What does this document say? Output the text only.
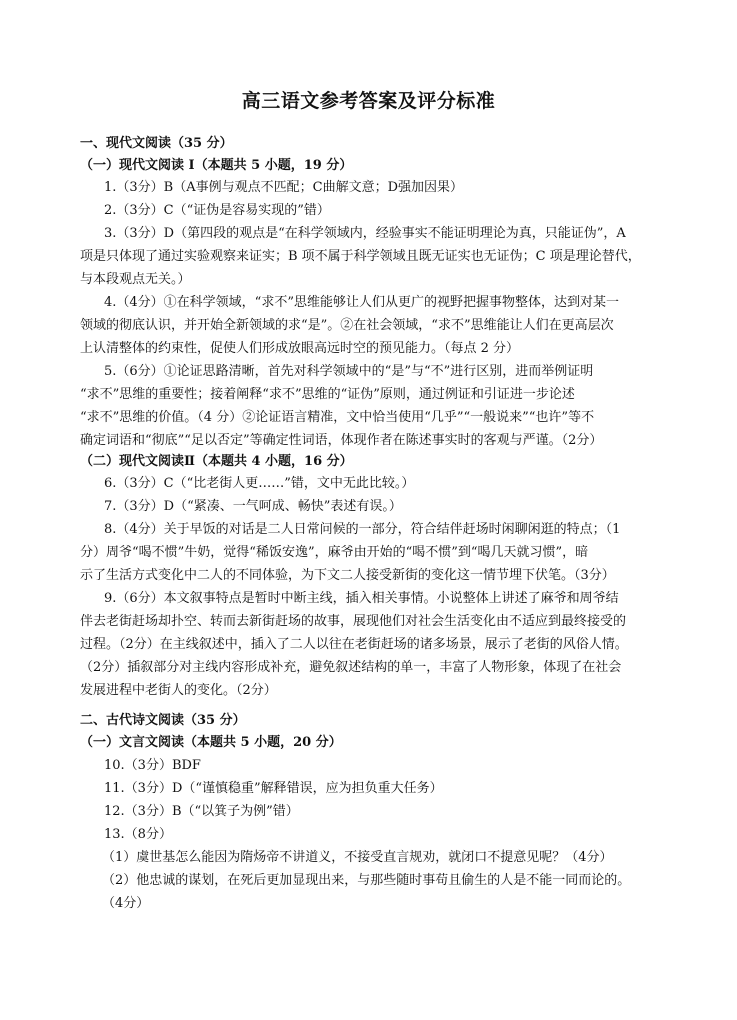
高三语文参考答案及评分标准
一、现代文阅读（35 分）
（一）现代文阅读 I（本题共 5 小题，19 分）
1.（3分）B（A事例与观点不匹配；C曲解文意；D强加因果）
2.（3分）C（“证伪是容易实现的”错）
3.（3分）D（第四段的观点是“在科学领域内，经验事实不能证明理论为真，只能证伪”，A
项是只体现了通过实验观察来证实；B 项不属于科学领域且既无证实也无证伪；C 项是理论替代，
与本段观点无关。）
4.（4分）①在科学领域，“求不”思维能够让人们从更广的视野把握事物整体，达到对某一
领域的彻底认识，并开始全新领域的求“是”。②在社会领域，“求不”思维能让人们在更高层次
上认清整体的约束性，促使人们形成放眼高远时空的预见能力。（每点 2 分）
5.（6分）①论证思路清晰，首先对科学领域中的“是”与“不”进行区别，进而举例证明
“求不”思维的重要性；接着阐释“求不”思维的“证伪”原则，通过例证和引证进一步论述
“求不”思维的价值。（4 分）②论证语言精准，文中恰当使用“几乎”“一般说来”“也许”等不
确定词语和“彻底”“足以否定”等确定性词语，体现作者在陈述事实时的客观与严谨。（2分）
（二）现代文阅读Ⅱ（本题共 4 小题，16 分）
6.（3分）C（“比老街人更……”错，文中无此比较。）
7.（3分）D（“紧凑、一气呵成、畅快”表述有误。）
8.（4分）关于早饭的对话是二人日常问候的一部分，符合结伴赶场时闲聊闲逛的特点；（1
分）周爷“喝不惯”牛奶，觉得“稀饭安逸”，麻爷由开始的“喝不惯”到“喝几天就习惯”，暗
示了生活方式变化中二人的不同体验，为下文二人接受新街的变化这一情节埋下伏笔。（3分）
9.（6分）本文叙事特点是暂时中断主线，插入相关事情。小说整体上讲述了麻爷和周爷结
伴去老街赶场却扑空、转而去新街赶场的故事，展现他们对社会生活变化由不适应到最终接受的
过程。（2分）在主线叙述中，插入了二人以往在老街赶场的诸多场景，展示了老街的风俗人情。
（2分）插叙部分对主线内容形成补充，避免叙述结构的单一，丰富了人物形象，体现了在社会
发展进程中老街人的变化。（2分）
二、古代诗文阅读（35 分）
（一）文言文阅读（本题共 5 小题，20 分）
10.（3分）BDF
11.（3分）D（“谨慎稳重”解释错误，应为担负重大任务）
12.（3分）B（“以箕子为例”错）
13.（8分）
（1）虞世基怎么能因为隋炀帝不讲道义，不接受直言规劝，就闭口不提意见呢？（4分）
（2）他忠诚的谋划，在死后更加显现出来，与那些随时事苟且偷生的人是不能一同而论的。
（4分）
